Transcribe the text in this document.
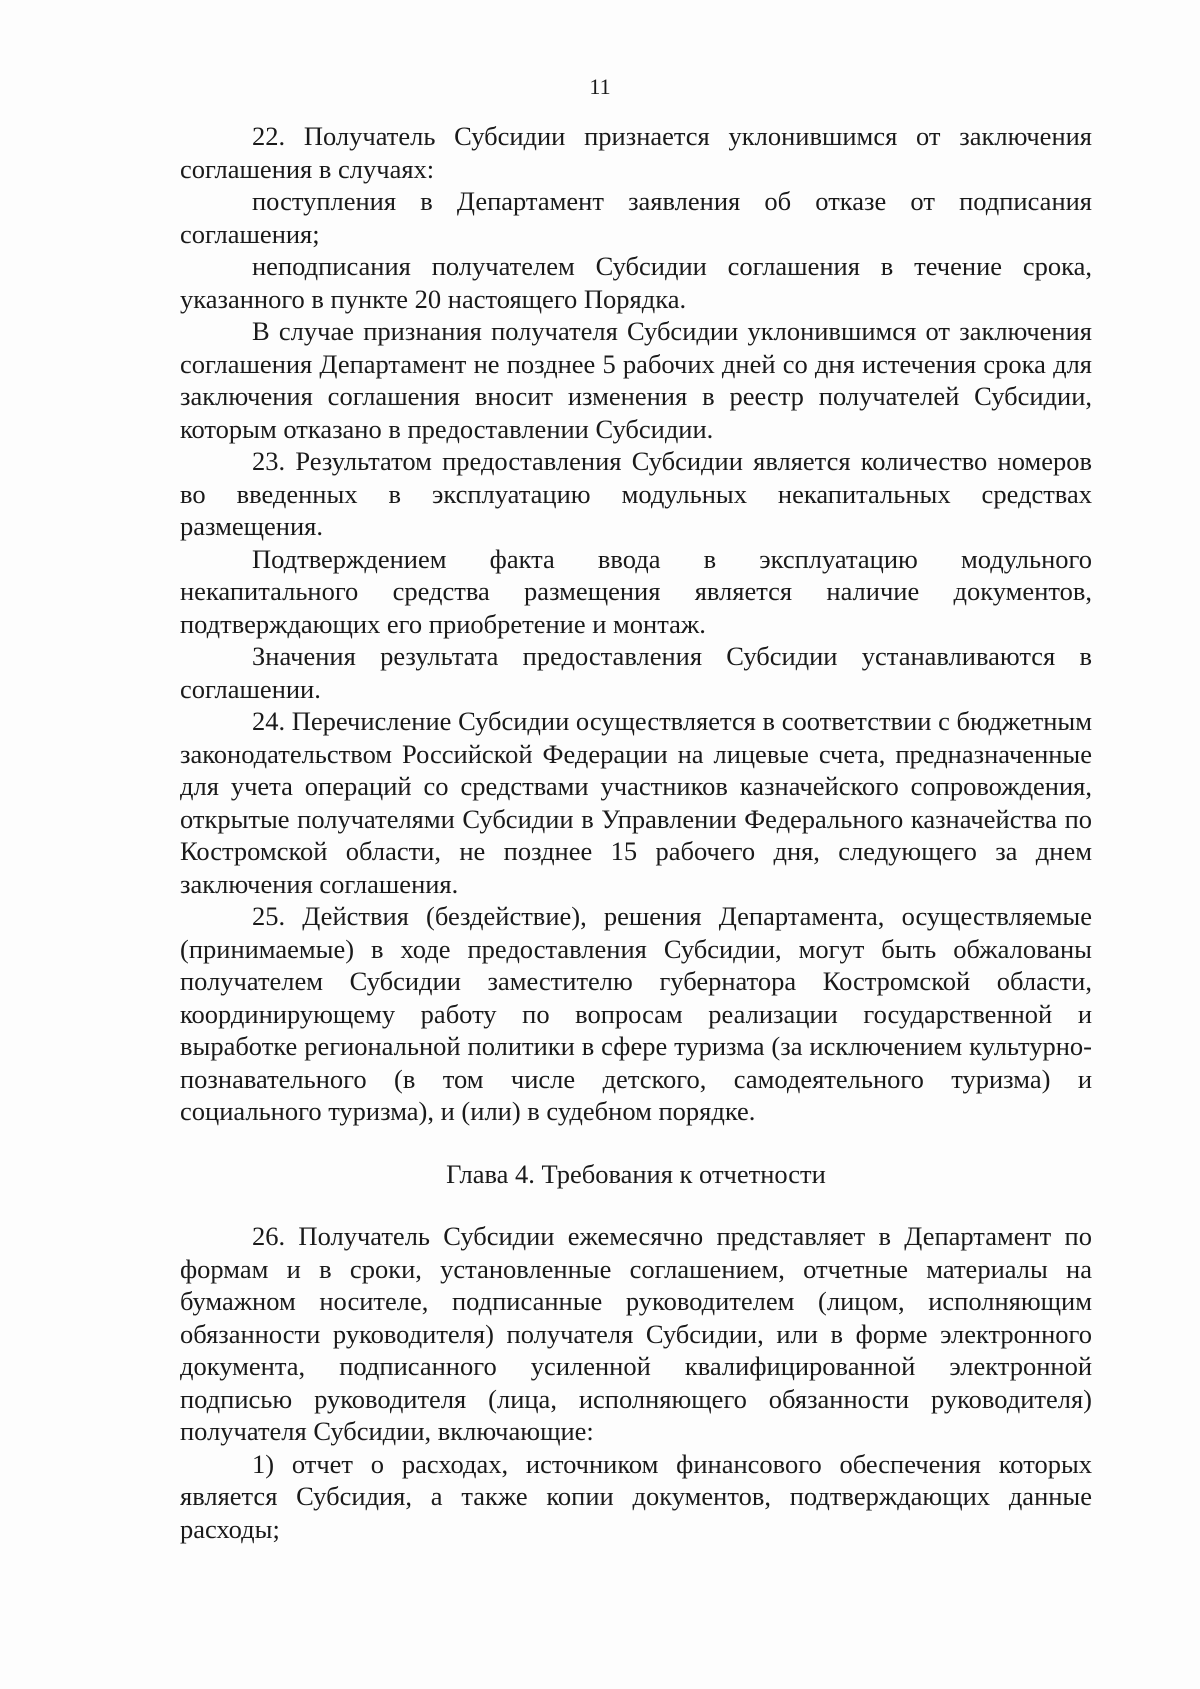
11

22. Получатель Субсидии признается уклонившимся от заключения соглашения в случаях:

поступления в Департамент заявления об отказе от подписания соглашения;

неподписания получателем Субсидии соглашения в течение срока, указанного в пункте 20 настоящего Порядка.

В случае признания получателя Субсидии уклонившимся от заключения соглашения Департамент не позднее 5 рабочих дней со дня истечения срока для заключения соглашения вносит изменения в реестр получателей Субсидии, которым отказано в предоставлении Субсидии.

23. Результатом предоставления Субсидии является количество номеров во введенных в эксплуатацию модульных некапитальных средствах размещения.

Подтверждением факта ввода в эксплуатацию модульного некапитального средства размещения является наличие документов, подтверждающих его приобретение и монтаж.

Значения результата предоставления Субсидии устанавливаются в соглашении.

24. Перечисление Субсидии осуществляется в соответствии с бюджетным законодательством Российской Федерации на лицевые счета, предназначенные для учета операций со средствами участников казначейского сопровождения, открытые получателями Субсидии в Управлении Федерального казначейства по Костромской области, не позднее 15 рабочего дня, следующего за днем заключения соглашения.

25. Действия (бездействие), решения Департамента, осуществляемые (принимаемые) в ходе предоставления Субсидии, могут быть обжалованы получателем Субсидии заместителю губернатора Костромской области, координирующему работу по вопросам реализации государственной и выработке региональной политики в сфере туризма (за исключением культурно-познавательного (в том числе детского, самодеятельного туризма) и социального туризма), и (или) в судебном порядке.

Глава 4. Требования к отчетности

26. Получатель Субсидии ежемесячно представляет в Департамент по формам и в сроки, установленные соглашением, отчетные материалы на бумажном носителе, подписанные руководителем (лицом, исполняющим обязанности руководителя) получателя Субсидии, или в форме электронного документа, подписанного усиленной квалифицированной электронной подписью руководителя (лица, исполняющего обязанности руководителя) получателя Субсидии, включающие:

1) отчет о расходах, источником финансового обеспечения которых является Субсидия, а также копии документов, подтверждающих данные расходы;
